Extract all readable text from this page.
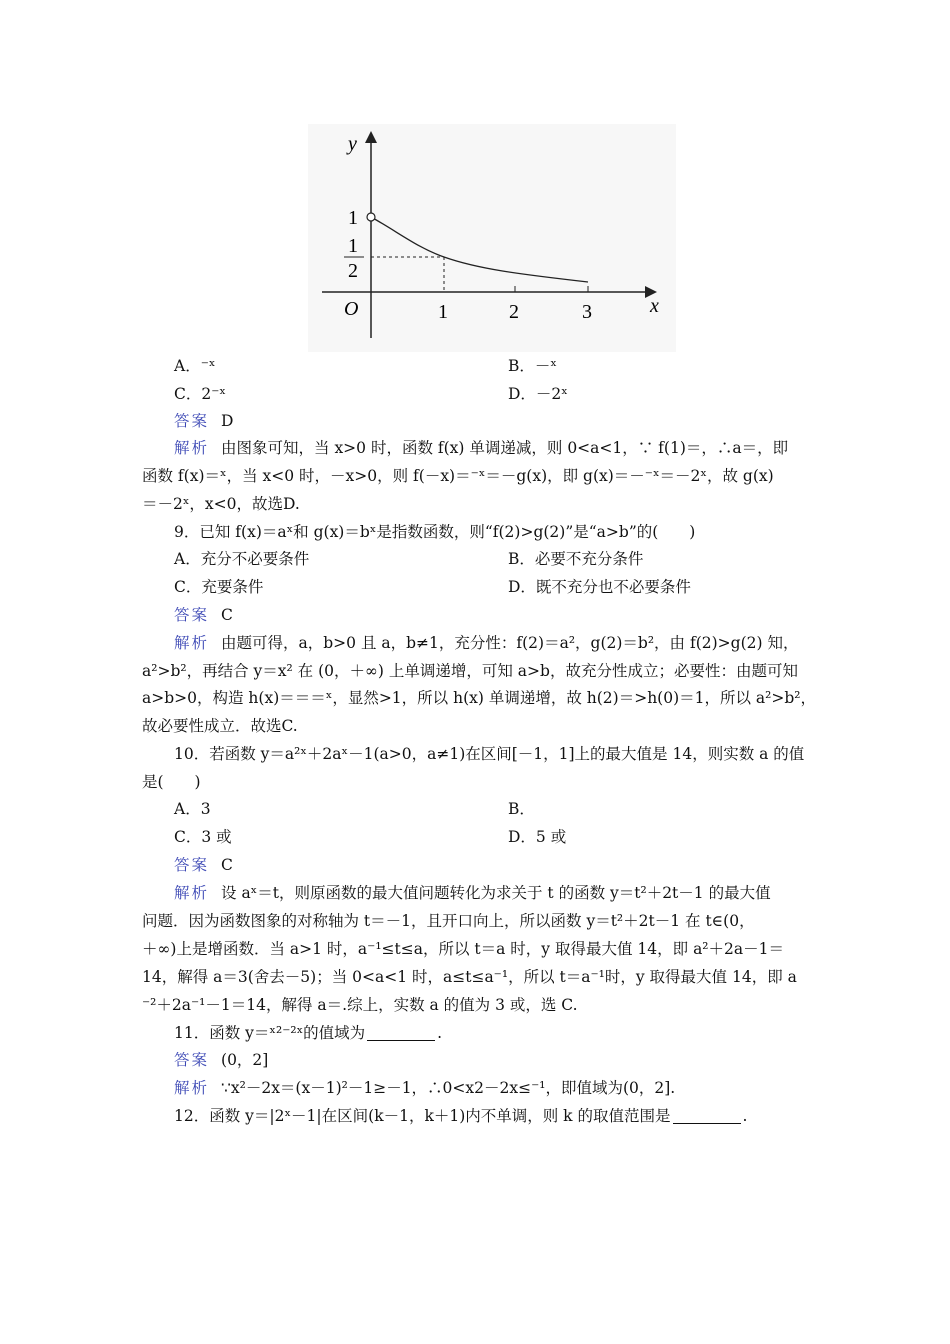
y
x
O
1
1
2
1	2	3
A．⁻ˣ	B．－ˣ
C．2⁻ˣ	D．－2ˣ
答案 D
解析 由图象可知，当 x>0 时，函数 f(x) 单调递减，则 0<a<1，∵ f(1)＝，∴a＝，即
函数 f(x)＝ˣ，当 x<0 时，－x>0，则 f(－x)＝⁻ˣ＝－g(x)，即 g(x)＝－⁻ˣ＝－2ˣ，故 g(x)
＝－2ˣ，x<0，故选D.
9．已知 f(x)＝aˣ和 g(x)＝bˣ是指数函数，则“f(2)>g(2)”是“a>b”的(　　)
A．充分不必要条件	B．必要不充分条件
C．充要条件	D．既不充分也不必要条件
答案 C
解析 由题可得，a，b>0 且 a，b≠1，充分性：f(2)＝a²，g(2)＝b²，由 f(2)>g(2) 知，
a²>b²，再结合 y＝x² 在 (0，＋∞) 上单调递增，可知 a>b，故充分性成立；必要性：由题可知
a>b>0，构造 h(x)＝＝＝ˣ，显然>1，所以 h(x) 单调递增，故 h(2)＝>h(0)＝1，所以 a²>b²，
故必要性成立．故选C.
10．若函数 y＝a²ˣ＋2aˣ－1(a>0，a≠1)在区间[－1，1]上的最大值是 14，则实数 a 的值
是(　　)
A．3	B．
C．3 或	D．5 或
答案 C
解析 设 aˣ＝t，则原函数的最大值问题转化为求关于 t 的函数 y＝t²＋2t－1 的最大值
问题．因为函数图象的对称轴为 t＝－1，且开口向上，所以函数 y＝t²＋2t－1 在 t∈(0，
＋∞)上是增函数．当 a>1 时，a⁻¹≤t≤a，所以 t＝a 时，y 取得最大值 14，即 a²＋2a－1＝
14，解得 a＝3(舍去－5)；当 0<a<1 时，a≤t≤a⁻¹，所以 t＝a⁻¹时，y 取得最大值 14，即 a
⁻²＋2a⁻¹－1＝14，解得 a＝.综上，实数 a 的值为 3 或，选 C.
11．函数 y＝ˣ²⁻²ˣ的值域为	.
答案 (0，2]
解析 ∵x²－2x＝(x－1)²－1≥－1，∴0<x2－2x≤⁻¹，即值域为(0，2].
12．函数 y＝|2ˣ－1|在区间(k－1，k＋1)内不单调，则 k 的取值范围是	.
